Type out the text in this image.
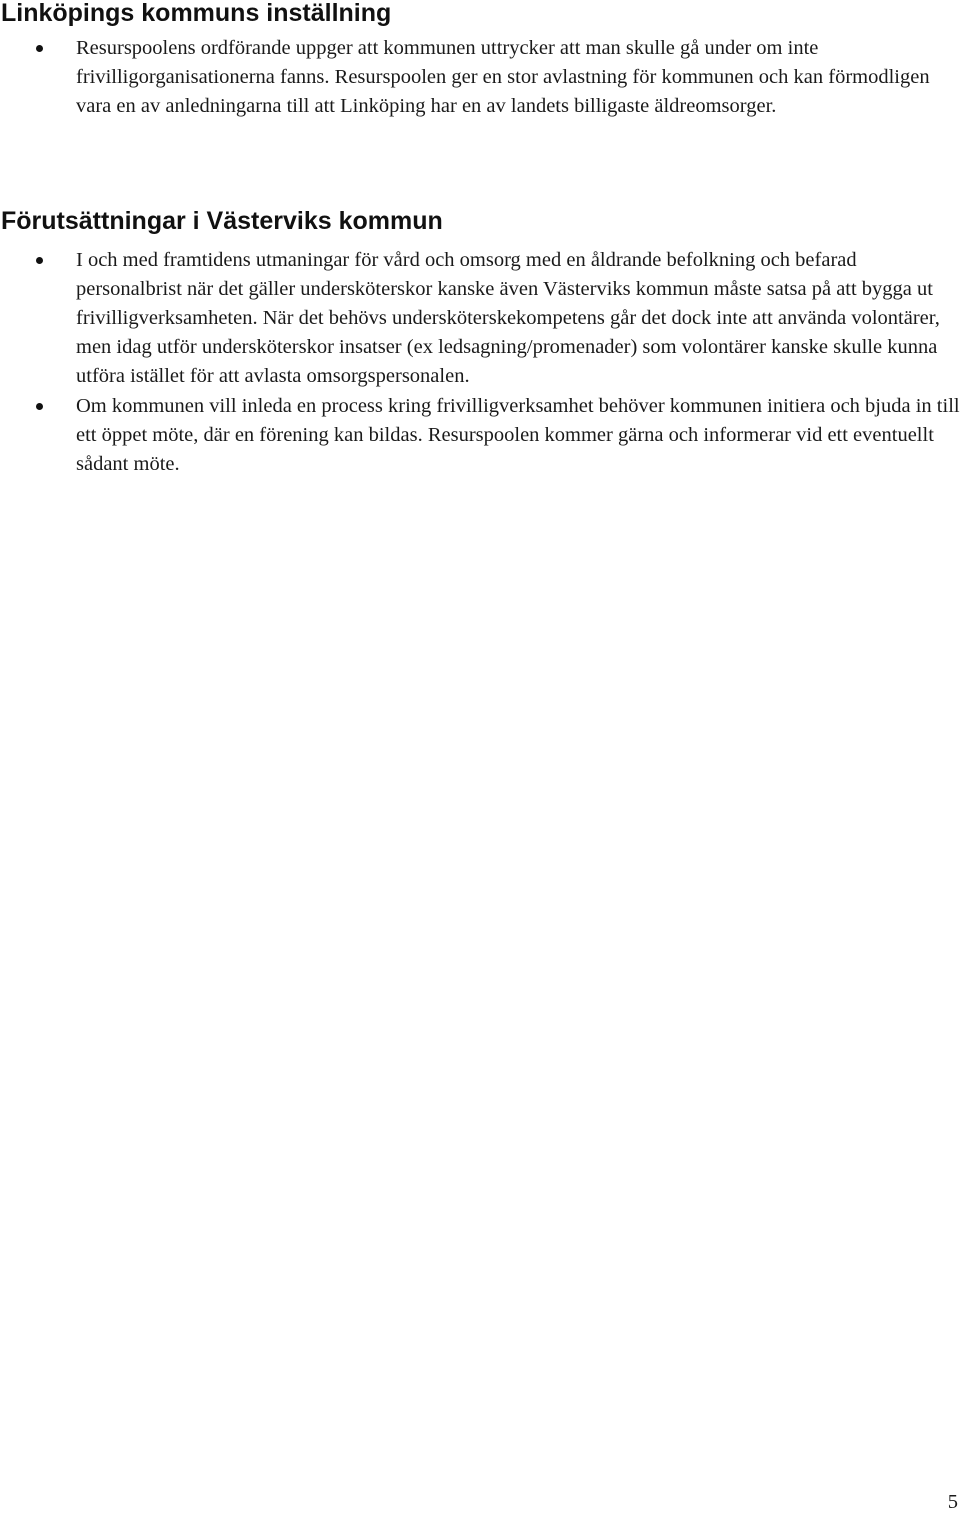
Linköpings kommuns inställning
Resurspoolens ordförande uppger att kommunen uttrycker att man skulle gå under om inte frivilligorganisationerna fanns. Resurspoolen ger en stor avlastning för kommunen och kan förmodligen vara en av anledningarna till att Linköping har en av landets billigaste äldreomsorger.
Förutsättningar i Västerviks kommun
I och med framtidens utmaningar för vård och omsorg med en åldrande befolkning och befarad personalbrist när det gäller undersköterskor kanske även Västerviks kommun måste satsa på att bygga ut frivilligverksamheten. När det behövs undersköterskekompetens går det dock inte att använda volontärer, men idag utför undersköterskor insatser (ex ledsagning/promenader) som volontärer kanske skulle kunna utföra istället för att avlasta omsorgspersonalen.
Om kommunen vill inleda en process kring frivilligverksamhet behöver kommunen initiera och bjuda in till ett öppet möte, där en förening kan bildas. Resurspoolen kommer gärna och informerar vid ett eventuellt sådant möte.
5
